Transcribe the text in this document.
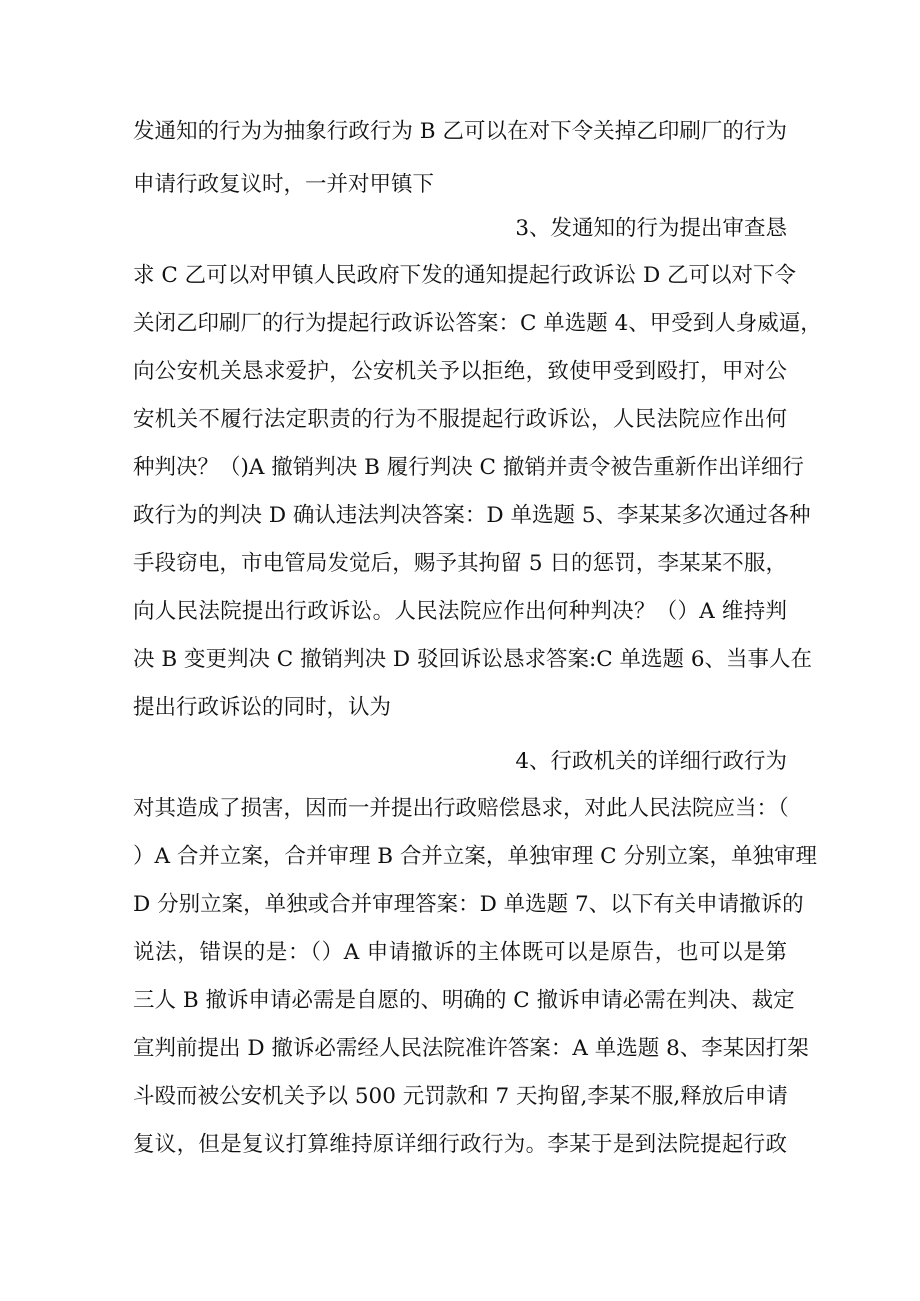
发通知的行为为抽象行政行为 B 乙可以在对下令关掉乙印刷厂的行为
申请行政复议时，一并对甲镇下
3、发通知的行为提出审查恳
求 C 乙可以对甲镇人民政府下发的通知提起行政诉讼 D 乙可以对下令
关闭乙印刷厂的行为提起行政诉讼答案：C 单选题 4、甲受到人身威逼，
向公安机关恳求爱护，公安机关予以拒绝，致使甲受到殴打，甲对公
安机关不履行法定职责的行为不服提起行政诉讼，人民法院应作出何
种判决？（)A 撤销判决 B 履行判决 C 撤销并责令被告重新作出详细行
政行为的判决 D 确认违法判决答案：D 单选题 5、李某某多次通过各种
手段窃电，市电管局发觉后，赐予其拘留 5 日的惩罚，李某某不服，
向人民法院提出行政诉讼。人民法院应作出何种判决？（）A 维持判
决 B 变更判决 C 撤销判决 D 驳回诉讼恳求答案:C 单选题 6、当事人在
提出行政诉讼的同时，认为
4、行政机关的详细行政行为
对其造成了损害，因而一并提出行政赔偿恳求，对此人民法院应当：（
）A 合并立案，合并审理 B 合并立案，单独审理 C 分别立案，单独审理
D 分别立案，单独或合并审理答案：D 单选题 7、以下有关申请撤诉的
说法，错误的是：（）A 申请撤诉的主体既可以是原告，也可以是第
三人 B 撤诉申请必需是自愿的、明确的 C 撤诉申请必需在判决、裁定
宣判前提出 D 撤诉必需经人民法院准许答案：A 单选题 8、李某因打架
斗殴而被公安机关予以 500 元罚款和 7 天拘留,李某不服,释放后申请
复议，但是复议打算维持原详细行政行为。李某于是到法院提起行政
